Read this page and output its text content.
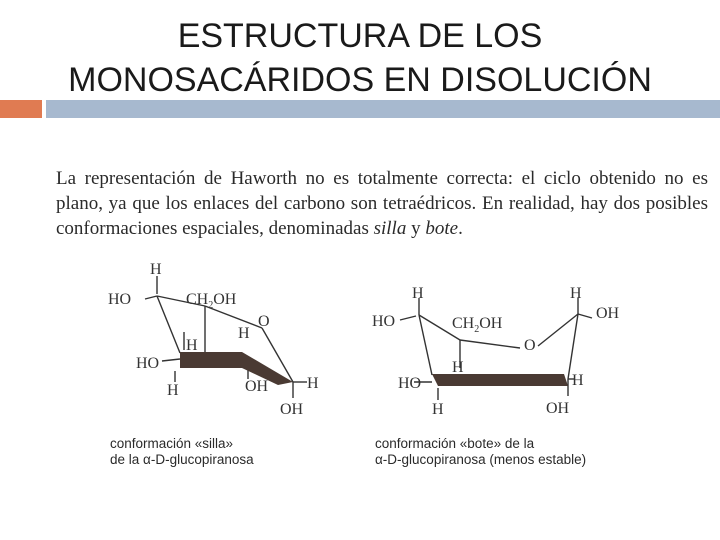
ESTRUCTURA DE LOS
MONOSACÁRIDOS EN DISOLUCIÓN
La representación de Haworth no es totalmente correcta: el ciclo obtenido no es plano, ya que los enlaces del carbono son tetraédricos. En realidad, hay dos posibles conformaciones espaciales, denominadas silla y bote.
HO
H
$CH_2OH$
O
H
H
HO
H	OH H
OH
conformación «silla»
de la α-D-glucopiranosa
H	H
HO	$CH_2OH$
OH
O
H
HO	H
H	OH
conformación «bote» de la
α-D-glucopiranosa (menos estable)
